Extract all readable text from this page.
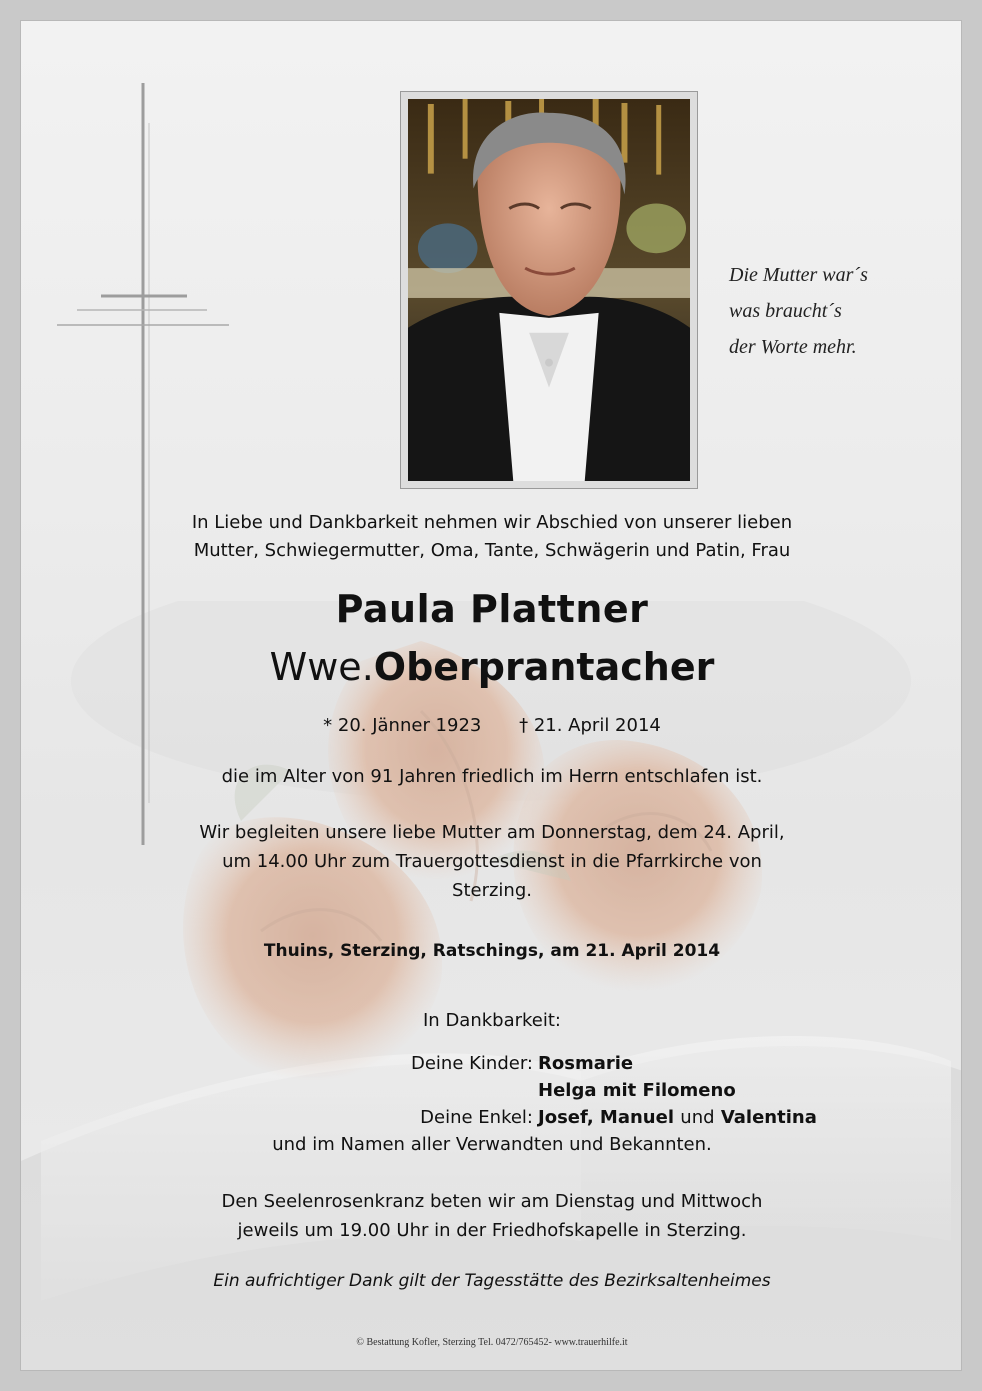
Die Mutter war´s
was braucht´s
der Worte mehr.
In Liebe und Dankbarkeit nehmen wir Abschied von unserer lieben
Mutter, Schwiegermutter, Oma, Tante, Schwägerin und Patin, Frau
Paula Plattner
Wwe.Oberprantacher
* 20. Jänner 1923 † 21. April 2014
die im Alter von 91 Jahren friedlich im Herrn entschlafen ist.
Wir begleiten unsere liebe Mutter am Donnerstag, dem 24. April,
um 14.00 Uhr zum Trauergottesdienst in die Pfarrkirche von
Sterzing.
Thuins, Sterzing, Ratschings, am 21. April 2014
In Dankbarkeit:
Deine Kinder: Rosmarie
Helga mit Filomeno
Deine Enkel: Josef, Manuel und Valentina
und im Namen aller Verwandten und Bekannten.
Den Seelenrosenkranz beten wir am Dienstag und Mittwoch
jeweils um 19.00 Uhr in der Friedhofskapelle in Sterzing.
Ein aufrichtiger Dank gilt der Tagesstätte des Bezirksaltenheimes
© Bestattung Kofler, Sterzing Tel. 0472/765452- www.trauerhilfe.it
